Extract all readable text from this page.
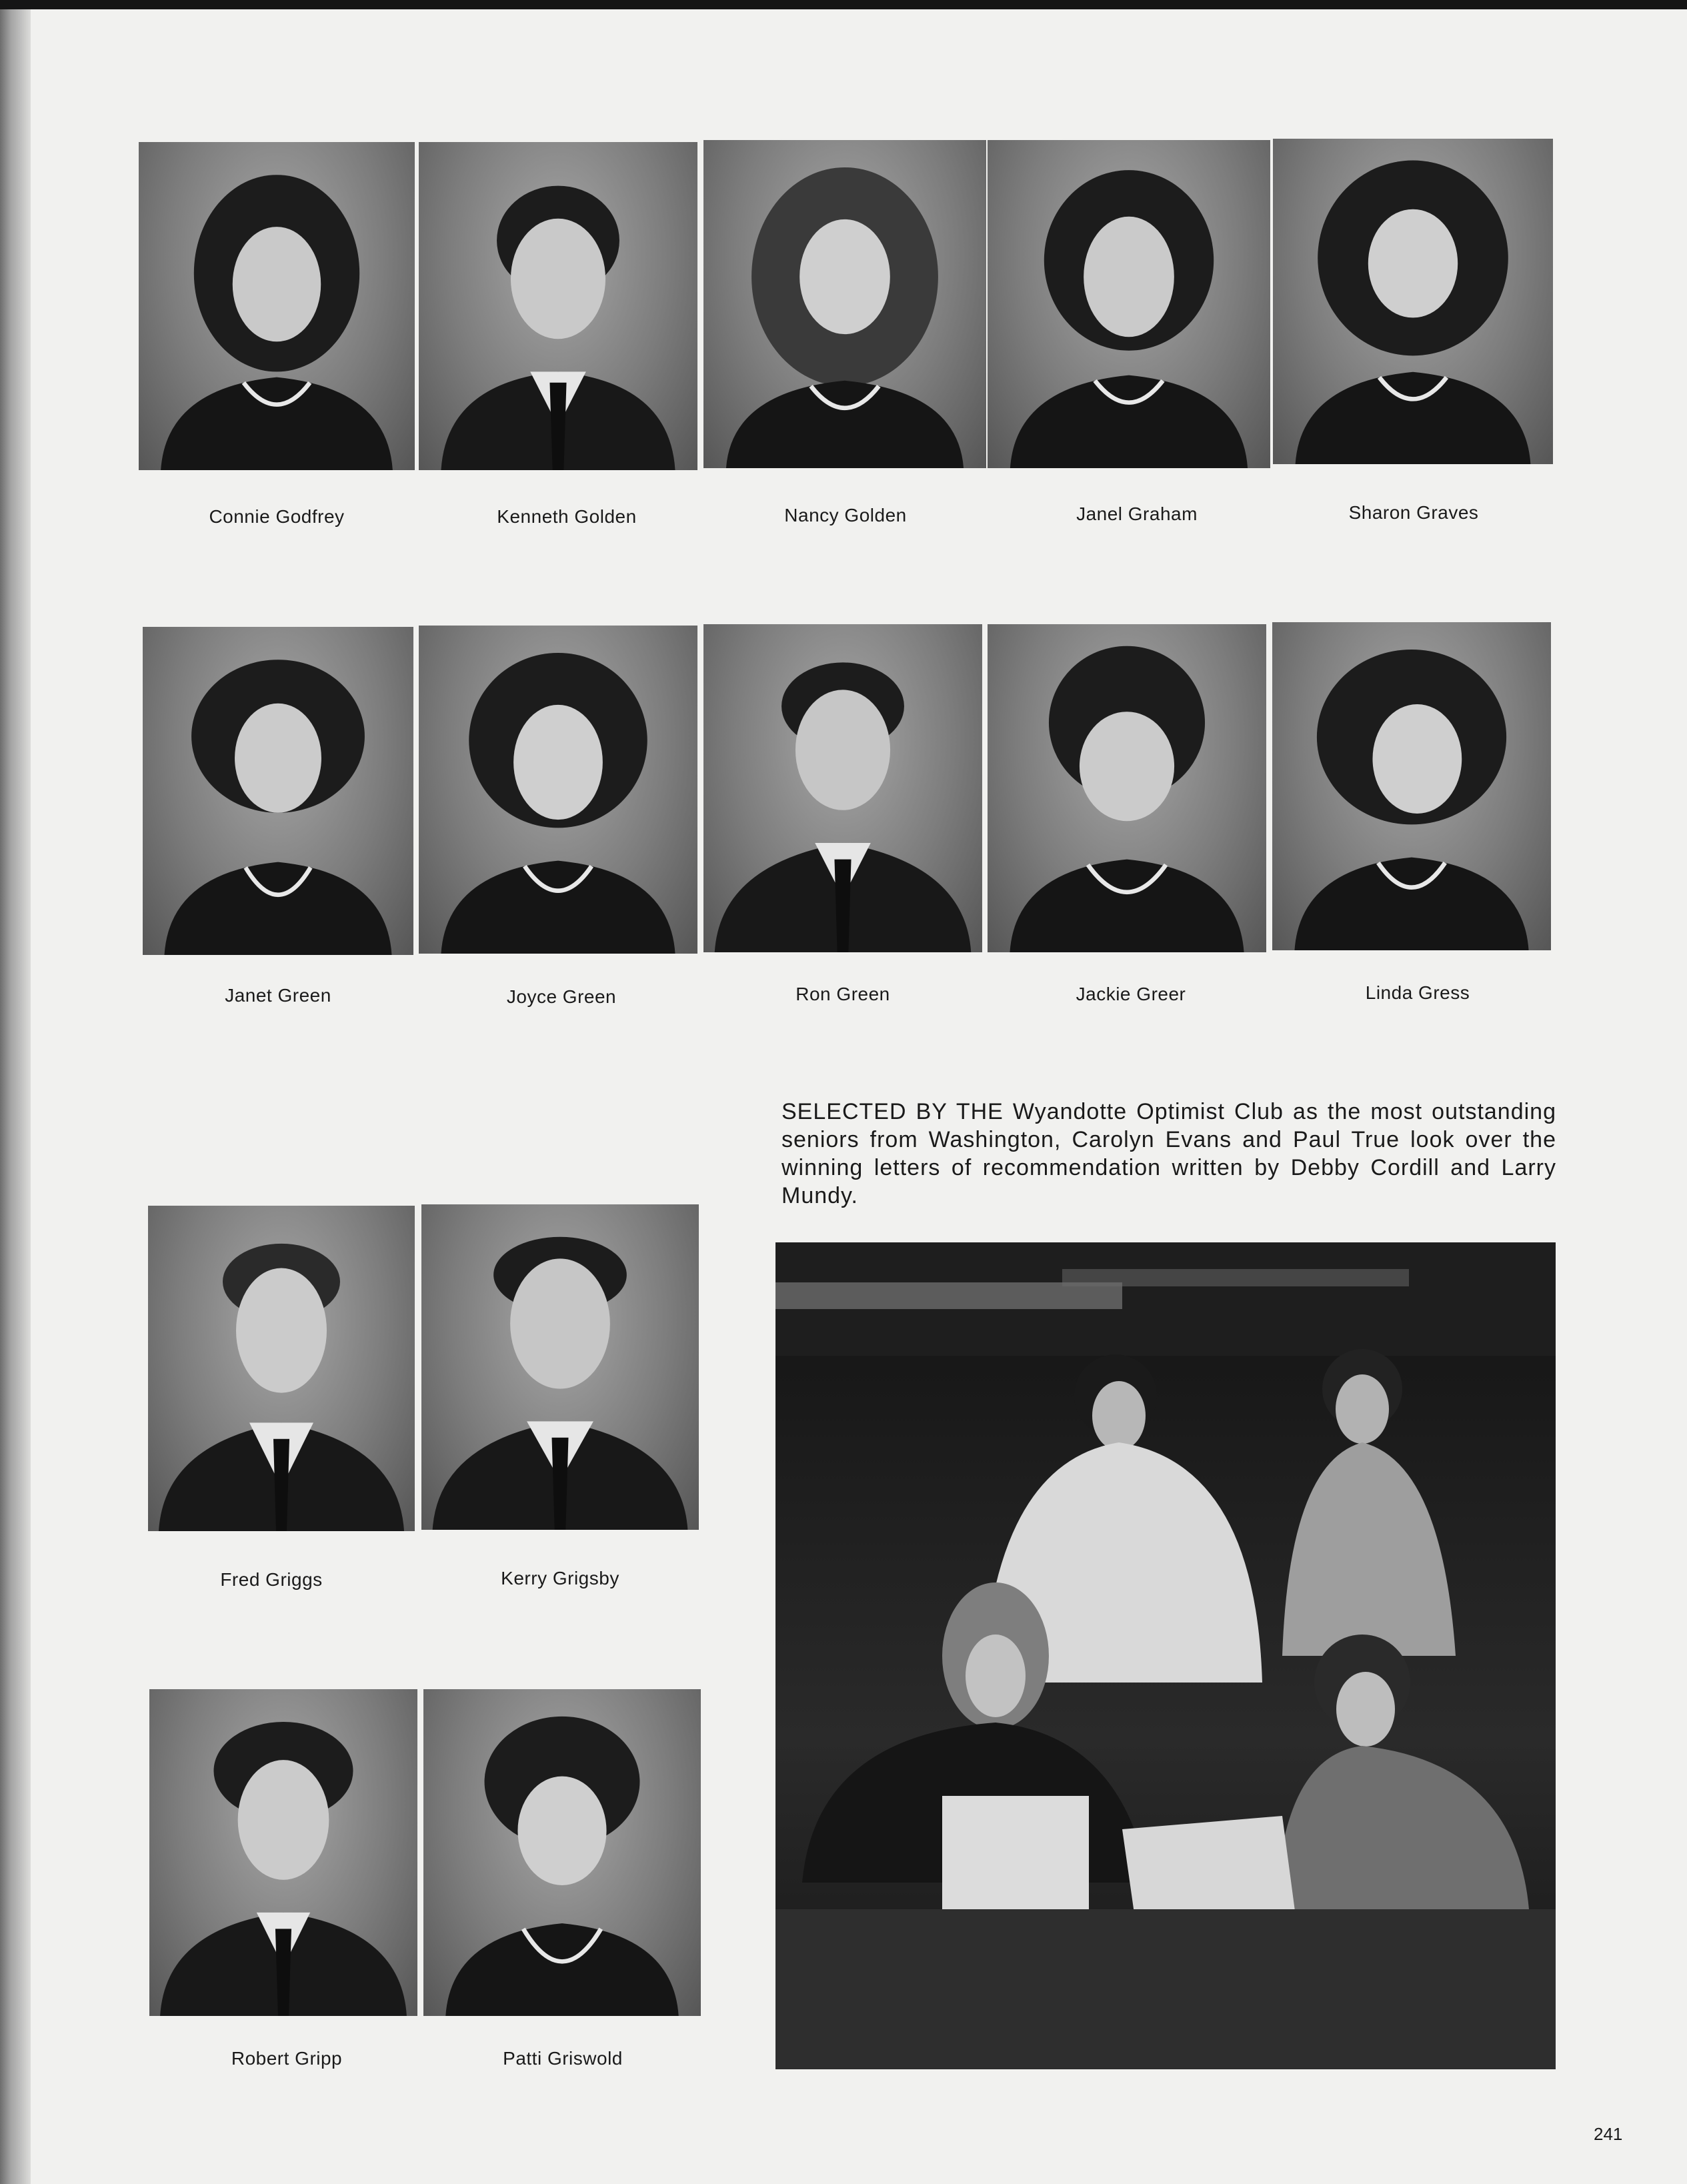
Connie Godfrey	Kenneth Golden	Nancy Golden	Janel Graham	Sharon Graves
Janet Green	Joyce Green	Ron Green	Jackie Greer	Linda Gress
SELECTED BY THE Wyandotte Optimist Club as the most outstanding seniors from Washington, Carolyn Evans and Paul True look over the winning letters of recommendation written by Debby Cordill and Larry Mundy.
Fred Griggs	Kerry Grigsby
Robert Gripp	Patti Griswold
241
